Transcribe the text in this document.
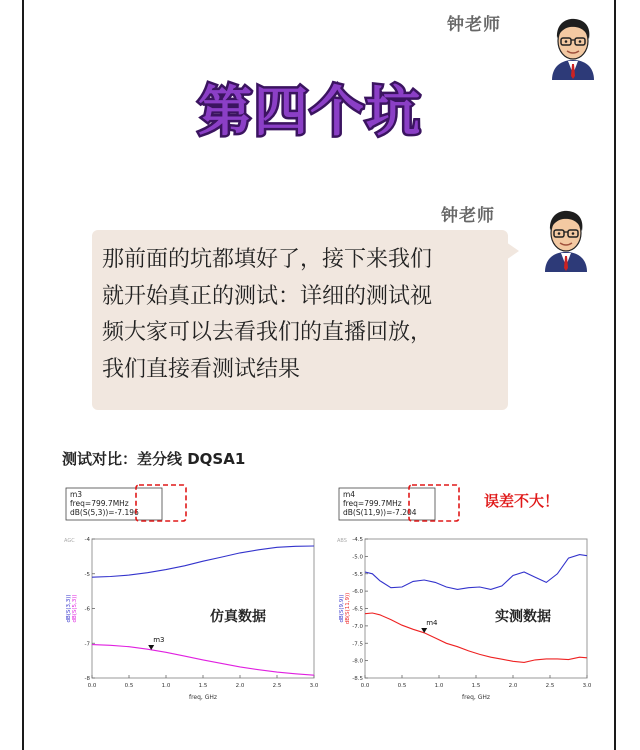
钟老师
第四个坑
钟老师
那前面的坑都填好了，接下来我们
就开始真正的测试：详细的测试视
频大家可以去看我们的直播回放，
我们直接看测试结果
测试对比：差分线 DQSA1
AGC -4
-5
-6
-7
-8
0.0	0.5	1.0	1.5	2.0	2.5	3.0
freq, GHz
dB(S(3,3)) dB(S(5,3))
m3
仿真数据
m3
freq=799.7MHz
dB(S(5,3))=-7.196
ABS -4.5
-5.0
-5.5
-6.0
-6.5
-7.0
-7.5
-8.0
-8.5
0.0	0.5	1.0	1.5	2.0	2.5	3.0
freq, GHz
dB(S(9,9)) dB(S(11,9))	m4	实测数据
m4
freq=799.7MHz
dB(S(11,9))=-7.204
误差不大！
